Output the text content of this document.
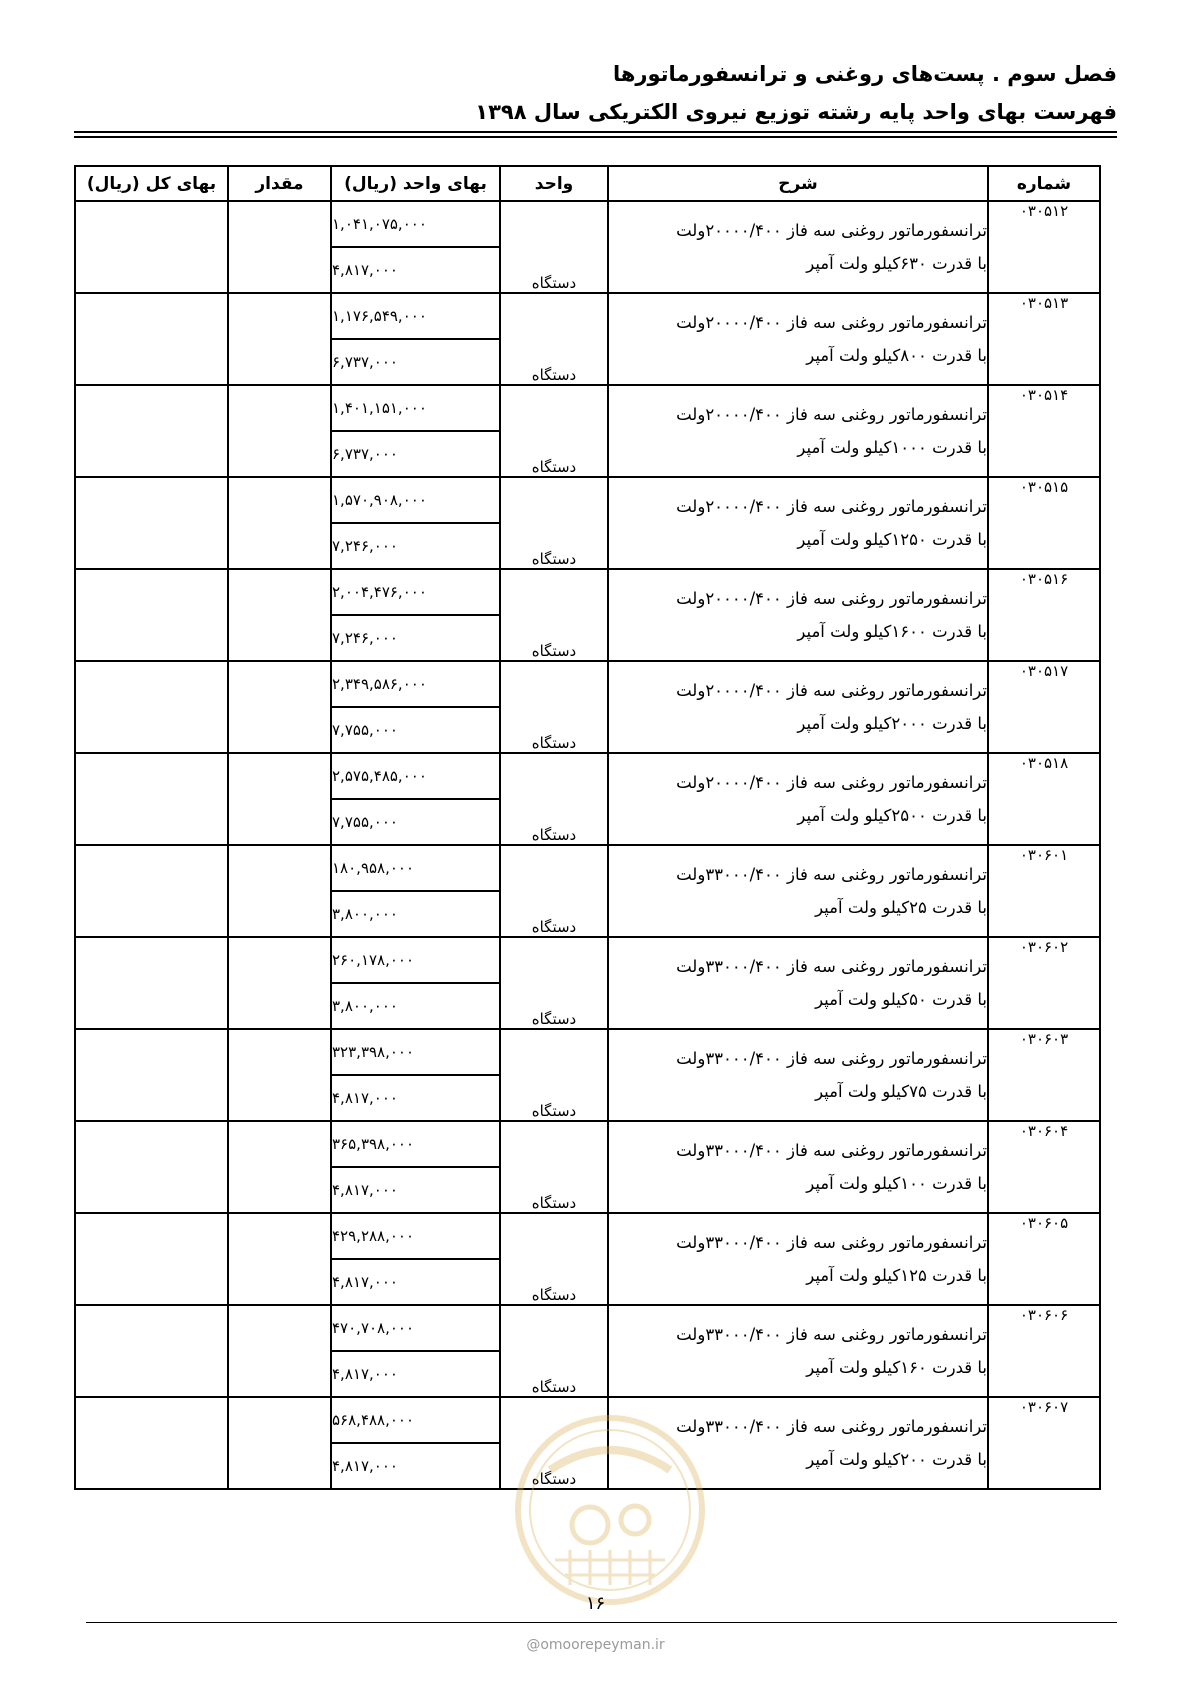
فصل سوم . پست‌های روغنی و ترانسفورماتورها
فهرست بهای واحد پایه رشته توزیع نیروی الکتریکی سال ۱۳۹۸
بهای کل (ریال)	مقدار	بهای واحد (ریال)	واحد	شرح	شماره
		۱,۰۴۱,۰۷۵,۰۰۰	دستگاه	ترانسفورماتور روغنی سه فاز ۲۰۰۰۰/۴۰۰ولت
با قدرت ۶۳۰کیلو ولت آمپر	۰۳۰۵۱۲
		۴,۸۱۷,۰۰۰			
		۱,۱۷۶,۵۴۹,۰۰۰	دستگاه	ترانسفورماتور روغنی سه فاز ۲۰۰۰۰/۴۰۰ولت
با قدرت ۸۰۰کیلو ولت آمپر	۰۳۰۵۱۳
		۶,۷۳۷,۰۰۰			
		۱,۴۰۱,۱۵۱,۰۰۰	دستگاه	ترانسفورماتور روغنی سه فاز ۲۰۰۰۰/۴۰۰ولت
با قدرت ۱۰۰۰کیلو ولت آمپر	۰۳۰۵۱۴
		۶,۷۳۷,۰۰۰			
		۱,۵۷۰,۹۰۸,۰۰۰	دستگاه	ترانسفورماتور روغنی سه فاز ۲۰۰۰۰/۴۰۰ولت
با قدرت ۱۲۵۰کیلو ولت آمپر	۰۳۰۵۱۵
		۷,۲۴۶,۰۰۰			
		۲,۰۰۴,۴۷۶,۰۰۰	دستگاه	ترانسفورماتور روغنی سه فاز ۲۰۰۰۰/۴۰۰ولت
با قدرت ۱۶۰۰کیلو ولت آمپر	۰۳۰۵۱۶
		۷,۲۴۶,۰۰۰			
		۲,۳۴۹,۵۸۶,۰۰۰	دستگاه	ترانسفورماتور روغنی سه فاز ۲۰۰۰۰/۴۰۰ولت
با قدرت ۲۰۰۰کیلو ولت آمپر	۰۳۰۵۱۷
		۷,۷۵۵,۰۰۰			
		۲,۵۷۵,۴۸۵,۰۰۰	دستگاه	ترانسفورماتور روغنی سه فاز ۲۰۰۰۰/۴۰۰ولت
با قدرت ۲۵۰۰کیلو ولت آمپر	۰۳۰۵۱۸
		۷,۷۵۵,۰۰۰			
		۱۸۰,۹۵۸,۰۰۰	دستگاه	ترانسفورماتور روغنی سه فاز ۳۳۰۰۰/۴۰۰ولت
با قدرت ۲۵کیلو ولت آمپر	۰۳۰۶۰۱
		۳,۸۰۰,۰۰۰			
		۲۶۰,۱۷۸,۰۰۰	دستگاه	ترانسفورماتور روغنی سه فاز ۳۳۰۰۰/۴۰۰ولت
با قدرت ۵۰کیلو ولت آمپر	۰۳۰۶۰۲
		۳,۸۰۰,۰۰۰			
		۳۲۳,۳۹۸,۰۰۰	دستگاه	ترانسفورماتور روغنی سه فاز ۳۳۰۰۰/۴۰۰ولت
با قدرت ۷۵کیلو ولت آمپر	۰۳۰۶۰۳
		۴,۸۱۷,۰۰۰			
		۳۶۵,۳۹۸,۰۰۰	دستگاه	ترانسفورماتور روغنی سه فاز ۳۳۰۰۰/۴۰۰ولت
با قدرت ۱۰۰کیلو ولت آمپر	۰۳۰۶۰۴
		۴,۸۱۷,۰۰۰			
		۴۲۹,۲۸۸,۰۰۰	دستگاه	ترانسفورماتور روغنی سه فاز ۳۳۰۰۰/۴۰۰ولت
با قدرت ۱۲۵کیلو ولت آمپر	۰۳۰۶۰۵
		۴,۸۱۷,۰۰۰			
		۴۷۰,۷۰۸,۰۰۰	دستگاه	ترانسفورماتور روغنی سه فاز ۳۳۰۰۰/۴۰۰ولت
با قدرت ۱۶۰کیلو ولت آمپر	۰۳۰۶۰۶
		۴,۸۱۷,۰۰۰			
		۵۶۸,۴۸۸,۰۰۰	دستگاه	ترانسفورماتور روغنی سه فاز ۳۳۰۰۰/۴۰۰ولت
با قدرت ۲۰۰کیلو ولت آمپر	۰۳۰۶۰۷
		۴,۸۱۷,۰۰۰			
۱۶
@omoorepeyman.ir
